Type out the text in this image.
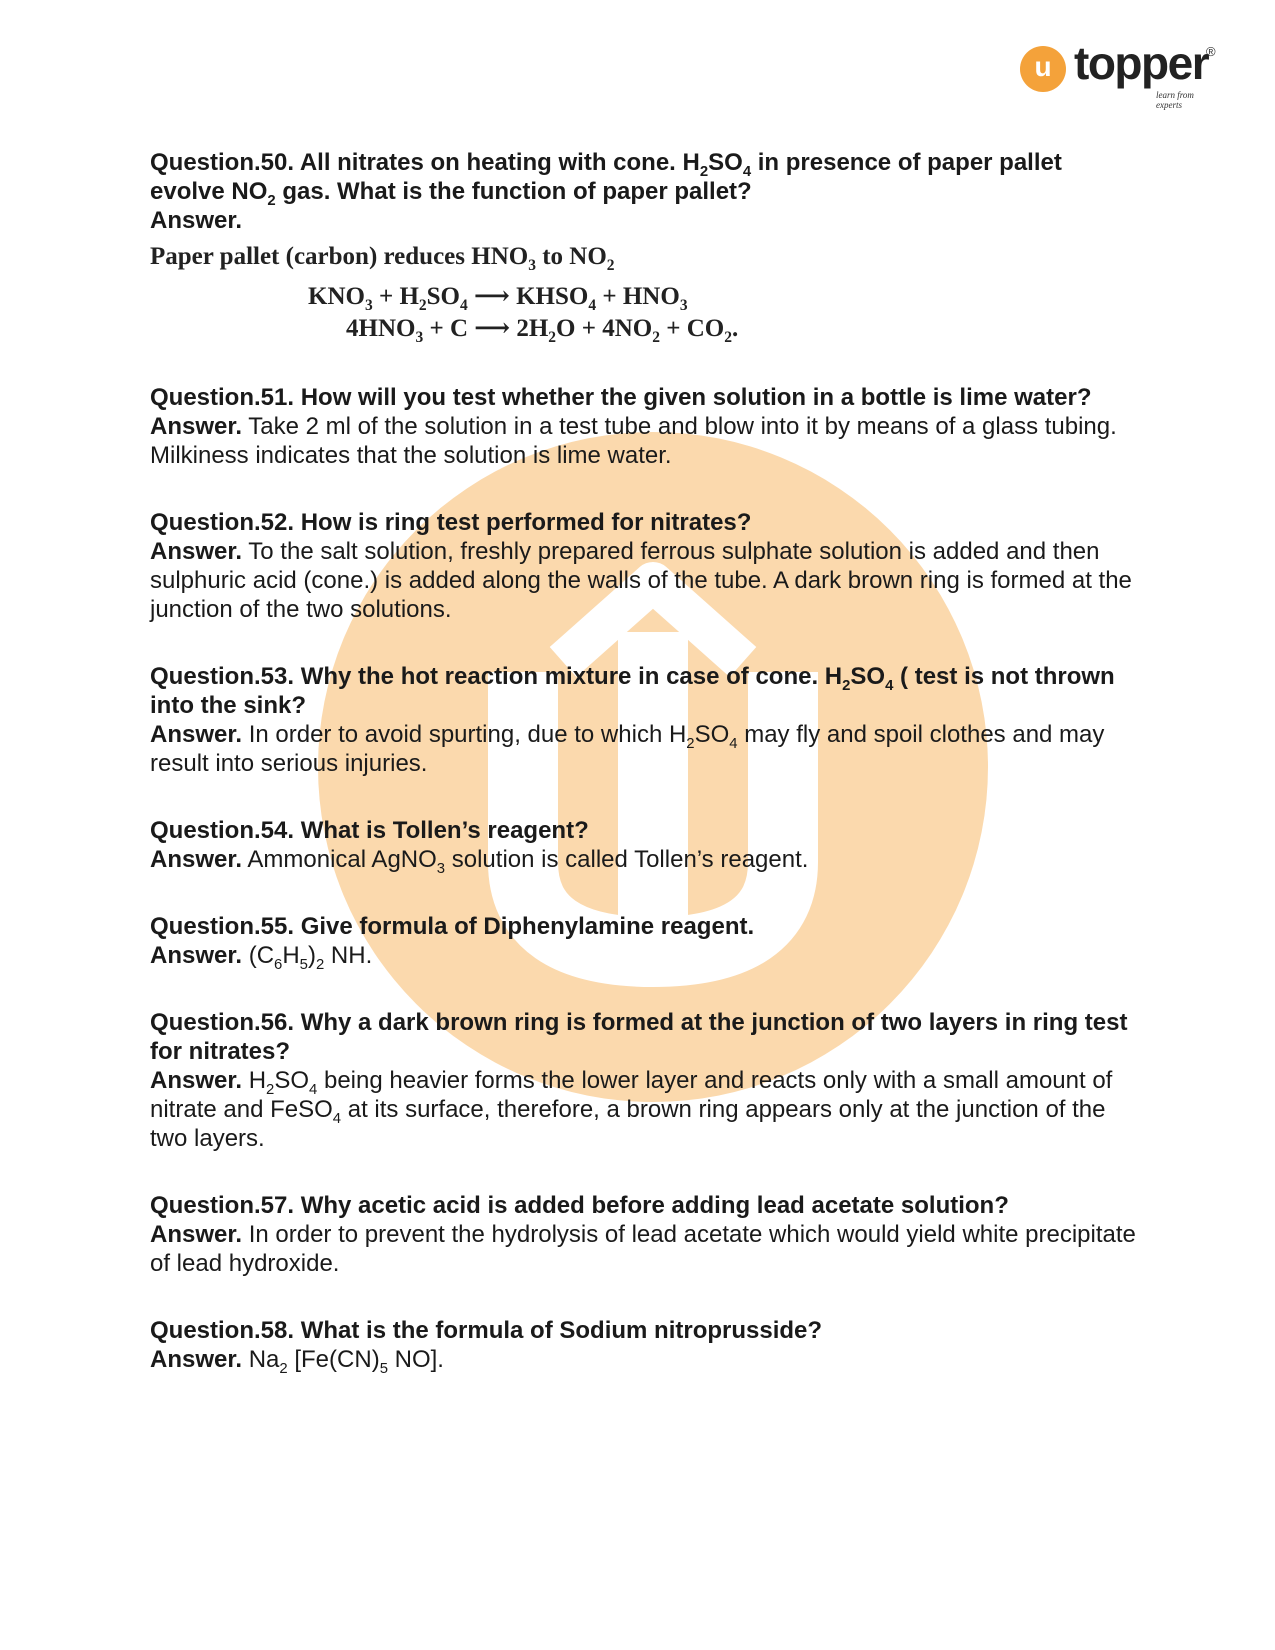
u topper
®
learn from experts

Question.50. All nitrates on heating with cone. $H_2SO_4$ in presence of paper pallet evolve $NO_2$ gas. What is the function of paper pallet?

Answer.

Paper pallet (carbon) reduces $HNO_3$ to $NO_2$
$KNO_3 + H_2SO_4$ ⟶ $KHSO_4 + HNO_3$
$4HNO_3 + C$ ⟶ $2H_2O + 4NO_2 + CO_2$.

Question.51. How will you test whether the given solution in a bottle is lime water?

Answer. Take 2 ml of the solution in a test tube and blow into it by means of a glass tubing. Milkiness indicates that the solution is lime water.

Question.52. How is ring test performed for nitrates?

Answer. To the salt solution, freshly prepared ferrous sulphate solution is added and then sulphuric acid (cone.) is added along the walls of the tube. A dark brown ring is formed at the junction of the two solutions.

Question.53. Why the hot reaction mixture in case of cone. $H_2SO_4$ ( test is not thrown into the sink?

Answer. In order to avoid spurting, due to which $H_2SO_4$ may fly and spoil clothes and may result into serious injuries.

Question.54. What is Tollen’s reagent?

Answer. Ammonical AgNO$_3$ solution is called Tollen’s reagent.

Question.55. Give formula of Diphenylamine reagent.

Answer. $(C_6H_5)_2$ NH.

Question.56. Why a dark brown ring is formed at the junction of two layers in ring test for nitrates?

Answer. $H_2SO_4$ being heavier forms the lower layer and reacts only with a small amount of nitrate and FeSO$_4$ at its surface, therefore, a brown ring appears only at the junction of the two layers.

Question.57. Why acetic acid is added before adding lead acetate solution?

Answer. In order to prevent the hydrolysis of lead acetate which would yield white precipitate of lead hydroxide.

Question.58. What is the formula of Sodium nitroprusside?

Answer. $Na_2$ [$Fe(CN)_5$ NO].
